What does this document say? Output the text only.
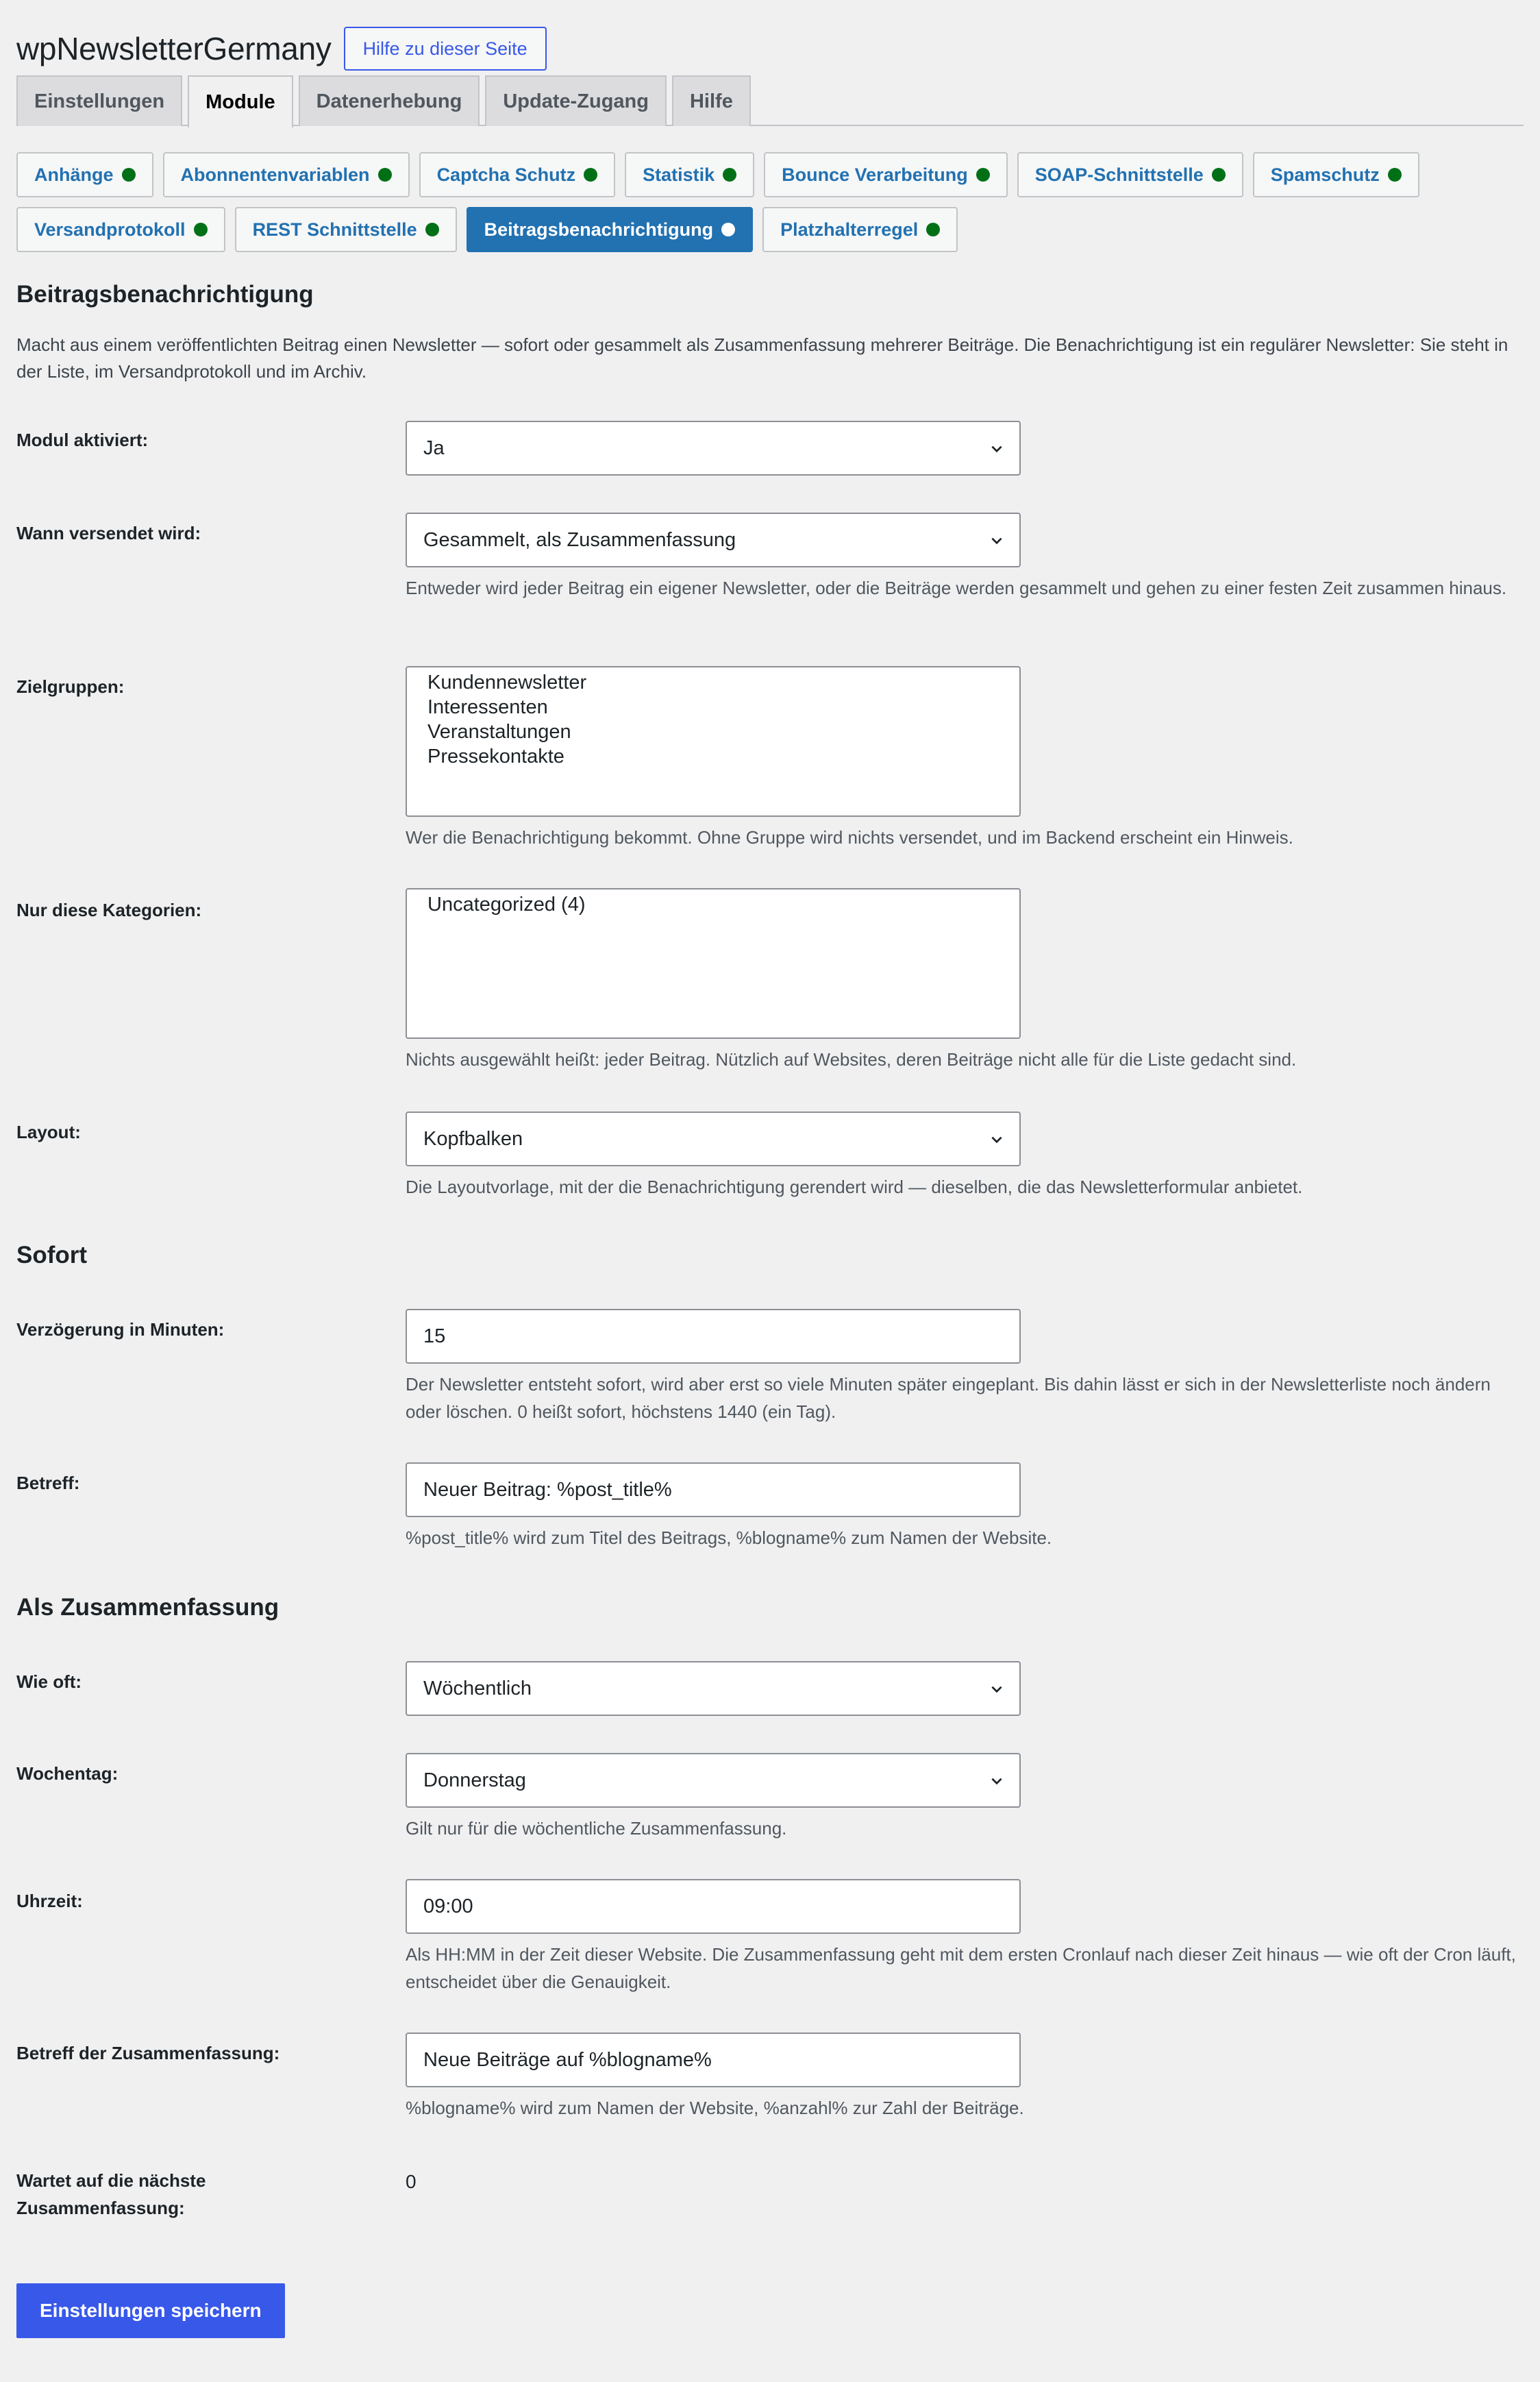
wpNewsletterGermany	Hilfe zu dieser Seite
Einstellungen	Module	Datenerhebung	Update-Zugang	Hilfe
Anhänge	Abonnentenvariablen	Captcha Schutz	Statistik	Bounce Verarbeitung	SOAP-Schnittstelle	Spamschutz
Versandprotokoll	REST Schnittstelle	Beitragsbenachrichtigung	Platzhalterregel
Beitragsbenachrichtigung
Macht aus einem veröffentlichten Beitrag einen Newsletter — sofort oder gesammelt als Zusammenfassung mehrerer Beiträge. Die Benachrichtigung ist ein regulärer Newsletter: Sie steht in der Liste, im Versandprotokoll und im Archiv.
Modul aktiviert:	Ja
Wann versendet wird:	Gesammelt, als Zusammenfassung
Entweder wird jeder Beitrag ein eigener Newsletter, oder die Beiträge werden gesammelt und gehen zu einer festen Zeit zusammen hinaus.
Zielgruppen:	Kundennewsletter
Interessenten
Veranstaltungen
Pressekontakte
Wer die Benachrichtigung bekommt. Ohne Gruppe wird nichts versendet, und im Backend erscheint ein Hinweis.
Nur diese Kategorien:	Uncategorized (4)
Nichts ausgewählt heißt: jeder Beitrag. Nützlich auf Websites, deren Beiträge nicht alle für die Liste gedacht sind.
Layout:	Kopfbalken
Die Layoutvorlage, mit der die Benachrichtigung gerendert wird — dieselben, die das Newsletterformular anbietet.
Sofort
Verzögerung in Minuten:	15
Der Newsletter entsteht sofort, wird aber erst so viele Minuten später eingeplant. Bis dahin lässt er sich in der Newsletterliste noch ändern oder löschen. 0 heißt sofort, höchstens 1440 (ein Tag).
Betreff:	Neuer Beitrag: %post_title%
%post_title% wird zum Titel des Beitrags, %blogname% zum Namen der Website.
Als Zusammenfassung
Wie oft:	Wöchentlich
Wochentag:	Donnerstag
Gilt nur für die wöchentliche Zusammenfassung.
Uhrzeit:	09:00
Als HH:MM in der Zeit dieser Website. Die Zusammenfassung geht mit dem ersten Cronlauf nach dieser Zeit hinaus — wie oft der Cron läuft, entscheidet über die Genauigkeit.
Betreff der Zusammenfassung:	Neue Beiträge auf %blogname%
%blogname% wird zum Namen der Website, %anzahl% zur Zahl der Beiträge.
Wartet auf die nächste
Zusammenfassung:
0
Einstellungen speichern
